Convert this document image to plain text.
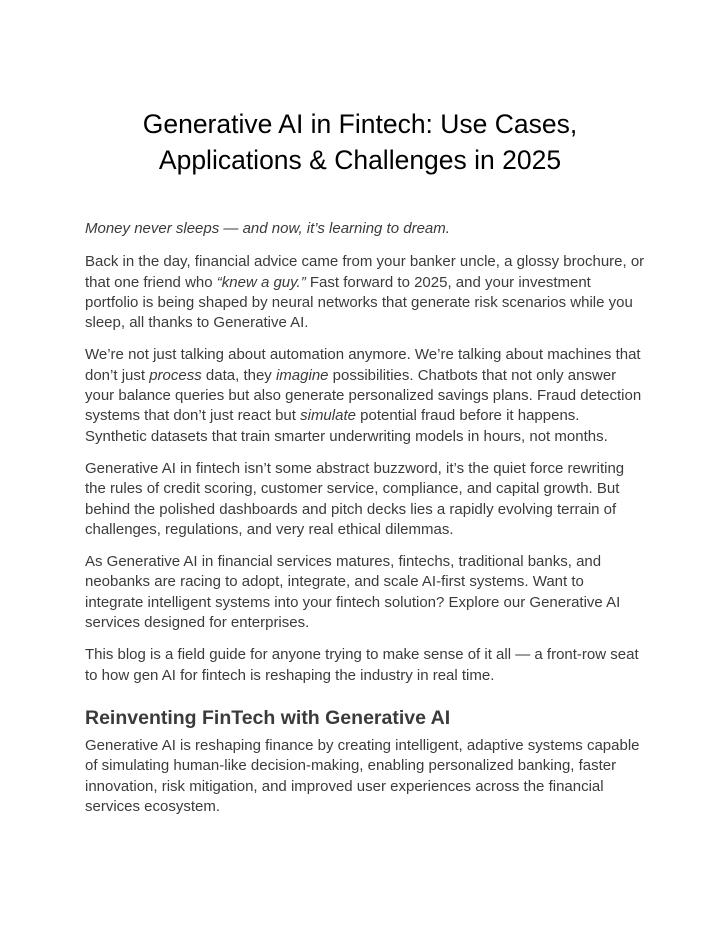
Generative AI in Fintech: Use Cases,
Applications & Challenges in 2025

Money never sleeps — and now, it’s learning to dream.

Back in the day, financial advice came from your banker uncle, a glossy brochure, or that one friend who “knew a guy.” Fast forward to 2025, and your investment portfolio is being shaped by neural networks that generate risk scenarios while you sleep, all thanks to Generative AI.

We’re not just talking about automation anymore. We’re talking about machines that don’t just process data, they imagine possibilities. Chatbots that not only answer your balance queries but also generate personalized savings plans. Fraud detection systems that don’t just react but simulate potential fraud before it happens. Synthetic datasets that train smarter underwriting models in hours, not months.

Generative AI in fintech isn’t some abstract buzzword, it’s the quiet force rewriting the rules of credit scoring, customer service, compliance, and capital growth. But behind the polished dashboards and pitch decks lies a rapidly evolving terrain of challenges, regulations, and very real ethical dilemmas.

As Generative AI in financial services matures, fintechs, traditional banks, and neobanks are racing to adopt, integrate, and scale AI-first systems. Want to integrate intelligent systems into your fintech solution? Explore our Generative AI services designed for enterprises.

This blog is a field guide for anyone trying to make sense of it all — a front-row seat to how gen AI for fintech is reshaping the industry in real time.

Reinventing FinTech with Generative AI

Generative AI is reshaping finance by creating intelligent, adaptive systems capable of simulating human-like decision-making, enabling personalized banking, faster innovation, risk mitigation, and improved user experiences across the financial services ecosystem.
